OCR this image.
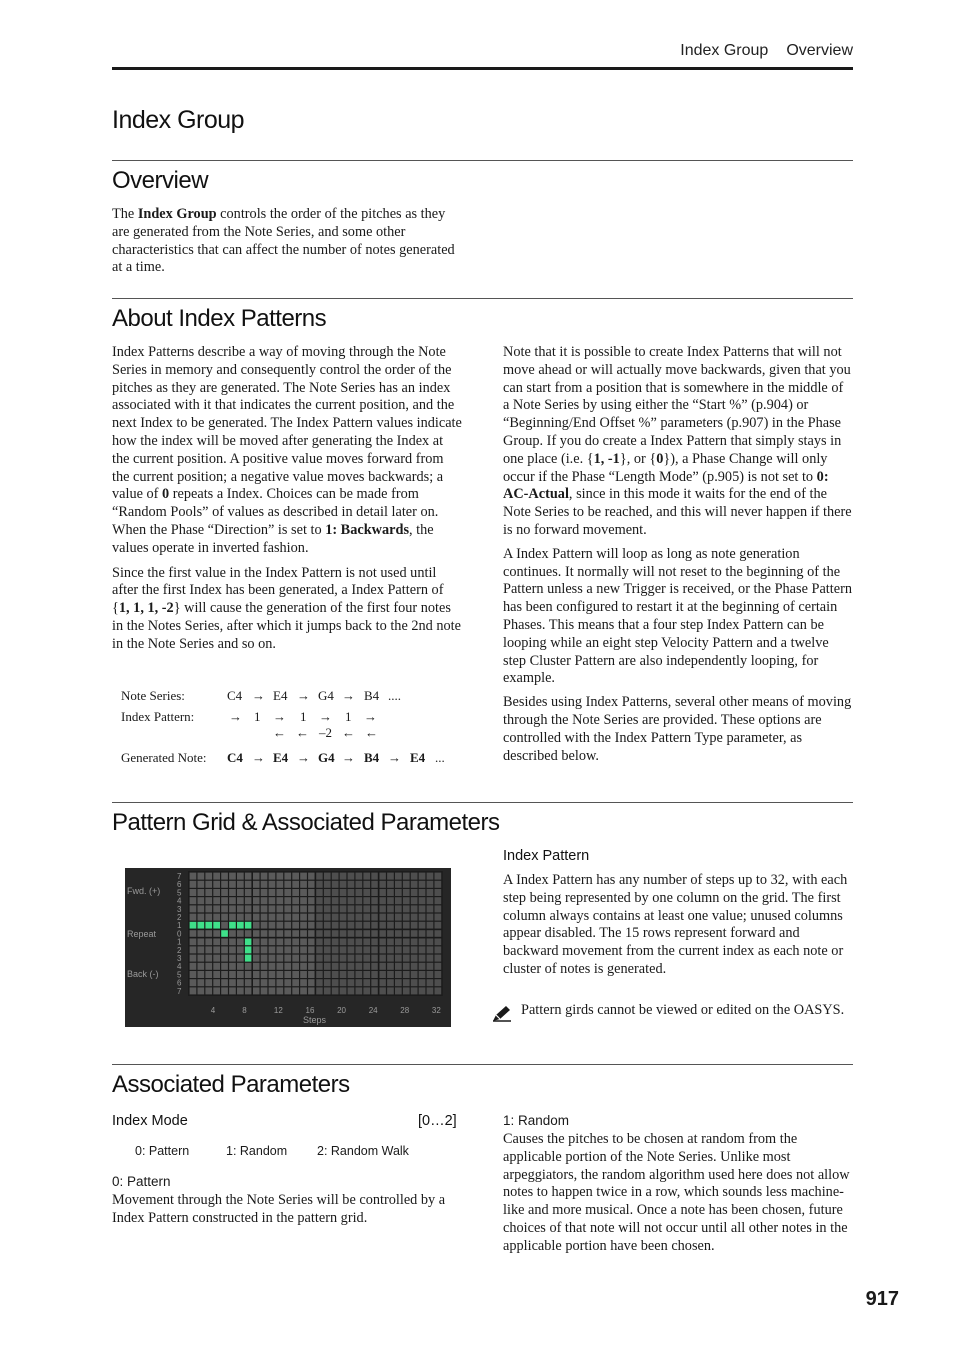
Index Group Overview
Index Group
Overview

The Index Group controls the order of the pitches as they are generated from the Note Series, and some other characteristics that can affect the number of notes generated at a time.

About Index Patterns

Index Patterns describe a way of moving through the Note Series in memory and consequently control the order of the pitches as they are generated. The Note Series has an index associated with it that indicates the current position, and the next Index to be generated. The Index Pattern values indicate how the index will be moved after generating the Index at the current position. A positive value moves forward from the current position; a negative value moves backwards; a value of 0 repeats a Index. Choices can be made from “Random Pools” of values as described in detail later on. When the Phase “Direction” is set to 1: Backwards, the values operate in inverted fashion.

Since the first value in the Index Pattern is not used until after the first Index has been generated, a Index Pattern of {1, 1, 1, -2} will cause the generation of the first four notes in the Notes Series, after which it jumps back to the 2nd note in the Note Series and so on.

Note Series:	C4 → E4 → G4 → B4 ....
Index Pattern:	→ 1 → 1 → 1 →
← ← –2 ← ←
Generated Note: C4 → E4 → G4 → B4 → E4 ...

Note that it is possible to create Index Patterns that will not move ahead or will actually move backwards, given that you can start from a position that is somewhere in the middle of a Note Series by using either the “Start %” (p.904) or “Beginning/End Offset %” parameters (p.907) in the Phase Group. If you do create a Index Pattern that simply stays in one place (i.e. {1, -1}, or {0}), a Phase Change will only occur if the Phase “Length Mode” (p.905) is not set to 0: AC-Actual, since in this mode it waits for the end of the Note Series to be reached, and this will never happen if there is no forward movement.

A Index Pattern will loop as long as note generation continues. It normally will not reset to the beginning of the Pattern unless a new Trigger is received, or the Phase Pattern has been configured to restart it at the beginning of certain Phases. This means that a four step Index Pattern can be looping while an eight step Velocity Pattern and a twelve step Cluster Pattern are also independently looping, for example.

Besides using Index Patterns, several other means of moving through the Note Series are provided. These options are controlled with the Index Pattern Type parameter, as described below.

Pattern Grid & Associated Parameters
Fwd. (+)
Repeat
Back (-)
Steps
7
6
5
4
3
2
1
0
1
2
3
4
5
6
7
4	8	12	16	20	24	28	32
Index Pattern

A Index Pattern has any number of steps up to 32, with each step being represented by one column on the grid. The first column always contains at least one value; unused columns appear disabled. The 15 rows represent forward and backward movement from the current index as each note or cluster of notes is generated.

Pattern girds cannot be viewed or edited on the OASYS.

Associated Parameters
Index Mode	[0…2]
0: Pattern	1: Random 2: Random Walk
0: Pattern

Movement through the Note Series will be controlled by a Index Pattern constructed in the pattern grid.

1: Random

Causes the pitches to be chosen at random from the applicable portion of the Note Series. Unlike most arpeggiators, the random algorithm used here does not allow notes to happen twice in a row, which sounds less machine-like and more musical. Once a note has been chosen, future choices of that note will not occur until all other notes in the applicable portion have been chosen.

917
